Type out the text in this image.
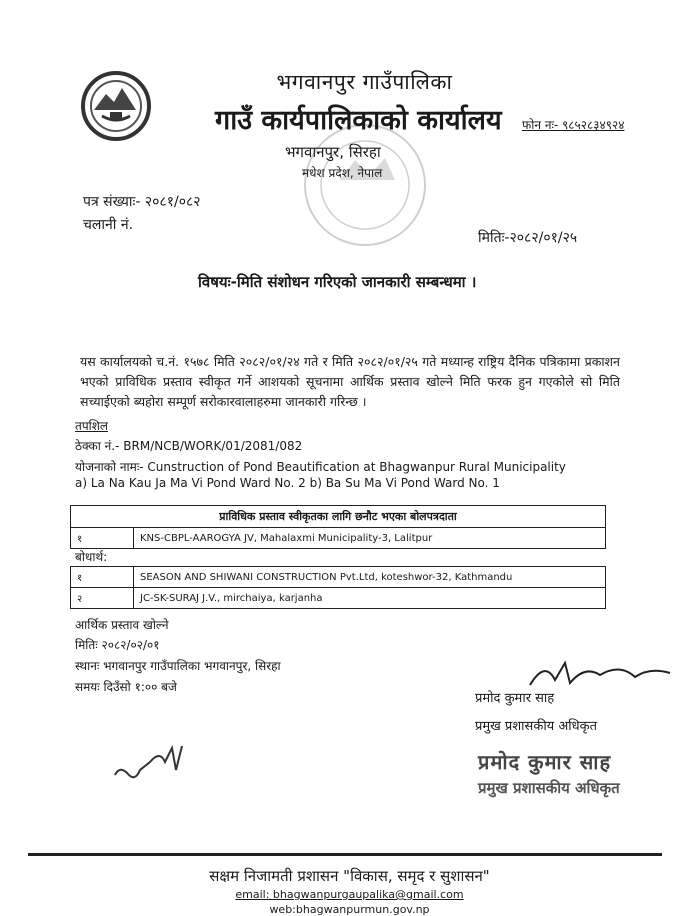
भगवानपुर गाउँपालिका
गाउँ कार्यपालिकाको कार्यालय
भगवानपुर, सिरहा
मधेश प्रदेश, नेपाल
फोन नः- ९८५२८३४९२४
पत्र संख्याः- २०८१/०८२
चलानी नं.
मितिः-२०८२/०१/२५
विषयः-मिति संशोधन गरिएको जानकारी सम्बन्धमा ।
यस कार्यालयको च.नं. १५७८ मिति २०८२/०१/२४ गते र मिति २०८२/०१/२५ गते मध्यान्ह राष्ट्रिय दैनिक पत्रिकामा प्रकाशन भएको प्राविधिक प्रस्ताव स्वीकृत गर्ने आशयको सूचनामा आर्थिक प्रस्ताव खोल्ने मिति फरक हुन गएकोले सो मिति सच्याईएको ब्यहोरा सम्पूर्ण सरोकारवालाहरुमा जानकारी गरिन्छ ।
तपशिल
ठेक्का नं.- BRM/NCB/WORK/01/2081/082
योजनाको नामः- Cunstruction of Pond Beautification at Bhagwanpur Rural Municipality
a) La Na Kau Ja Ma Vi Pond Ward No. 2 b) Ba Su Ma Vi Pond Ward No. 1
प्राविधिक प्रस्ताव स्वीकृतका लागि छनौट भएका बोलपत्रदाता
१	KNS-CBPL-AAROGYA JV, Mahalaxmi Municipality-3, Lalitpur
बोधार्थ:
१	SEASON AND SHIWANI CONSTRUCTION Pvt.Ltd, koteshwor-32, Kathmandu
२	JC-SK-SURAJ J.V., mirchaiya, karjanha
आर्थिक प्रस्ताव खोल्ने
मितिः २०८२/०२/०१
स्थानः भगवानपुर गाउँपालिका भगवानपुर, सिरहा
समयः दिउँसो १:०० बजे
प्रमोद कुमार साह
प्रमुख प्रशासकीय अधिकृत
प्रमोद कुमार साह
प्रमुख प्रशासकीय अधिकृत
सक्षम निजामती प्रशासन "विकास, समृद र सुशासन"
email: bhagwanpurgaupalika@gmail.com
web:bhagwanpurmun.gov.np
